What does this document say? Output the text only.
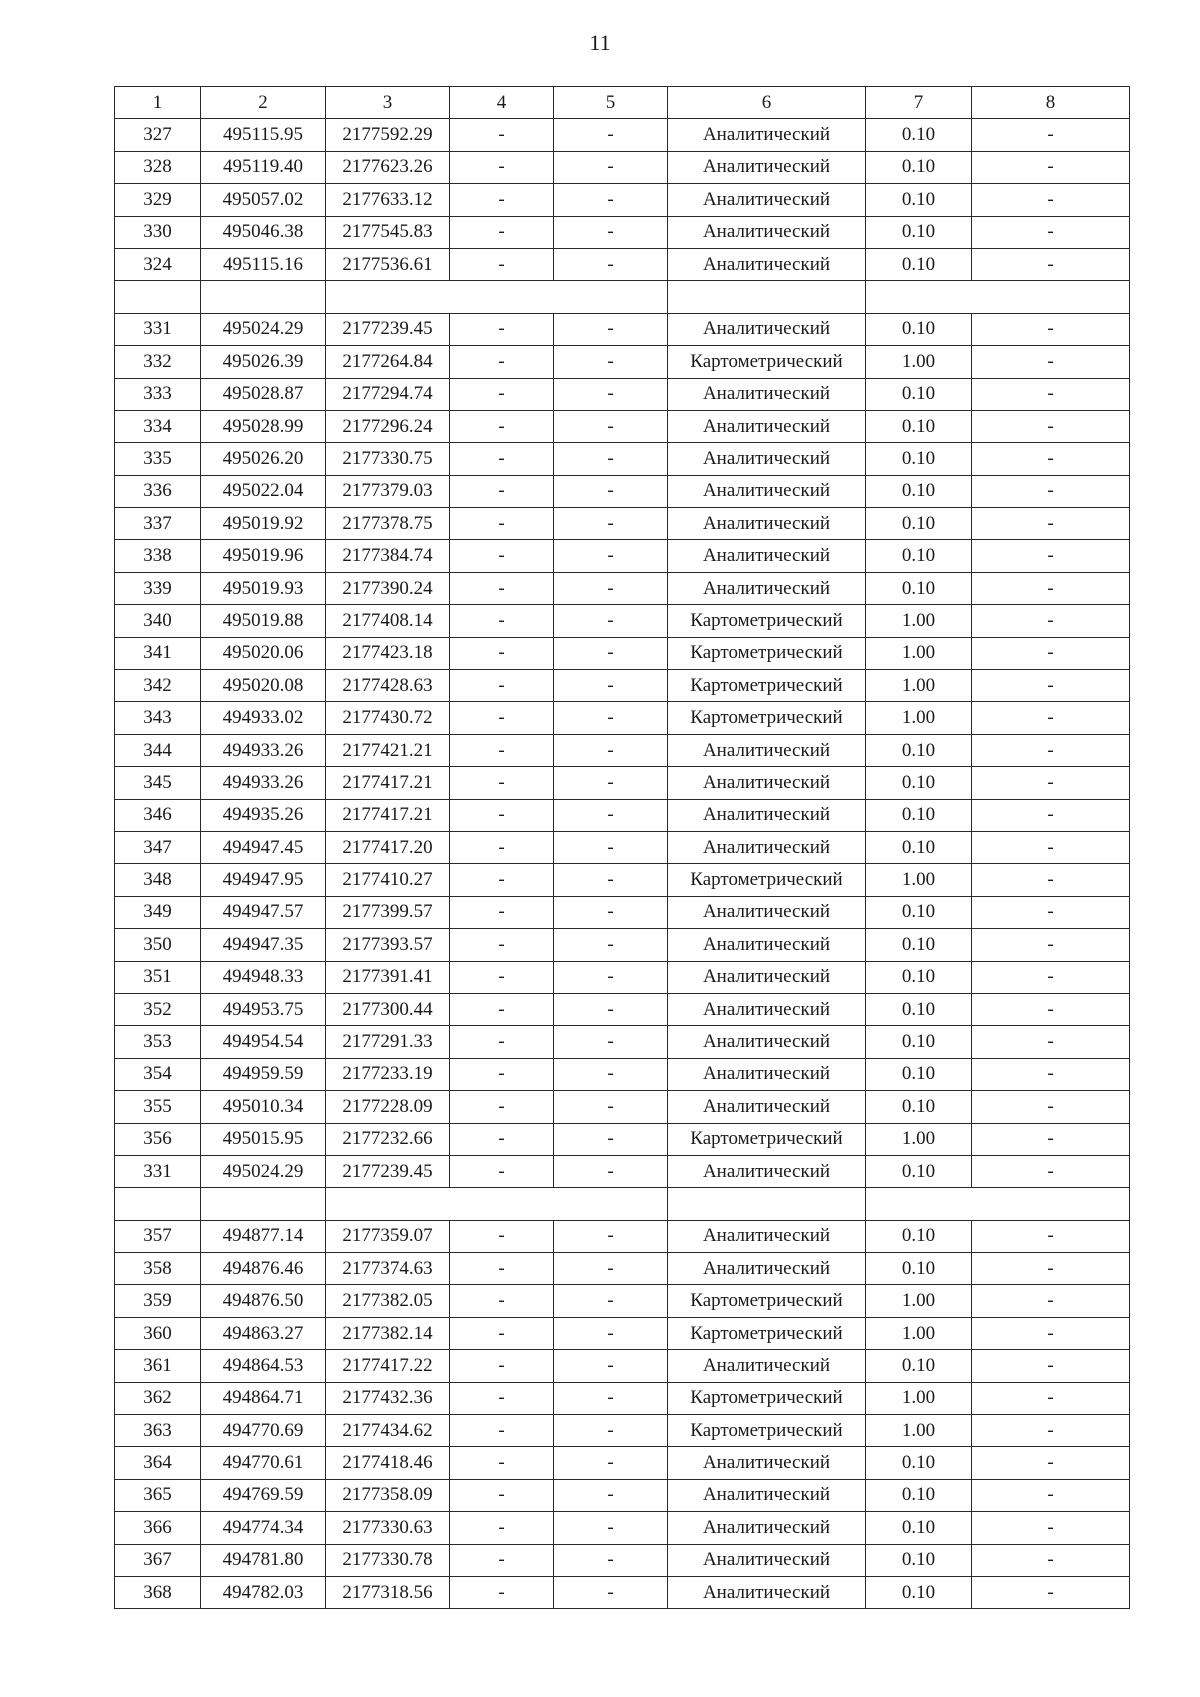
11
1	2	3	4	5	6	7	8
327	495115.95	2177592.29	-	-	Аналитический	0.10	-
328	495119.40	2177623.26	-	-	Аналитический	0.10	-
329	495057.02	2177633.12	-	-	Аналитический	0.10	-
330	495046.38	2177545.83	-	-	Аналитический	0.10	-
324	495115.16	2177536.61	-	-	Аналитический	0.10	-

331	495024.29	2177239.45	-	-	Аналитический	0.10	-
332	495026.39	2177264.84	-	-	Картометрический	1.00	-
333	495028.87	2177294.74	-	-	Аналитический	0.10	-
334	495028.99	2177296.24	-	-	Аналитический	0.10	-
335	495026.20	2177330.75	-	-	Аналитический	0.10	-
336	495022.04	2177379.03	-	-	Аналитический	0.10	-
337	495019.92	2177378.75	-	-	Аналитический	0.10	-
338	495019.96	2177384.74	-	-	Аналитический	0.10	-
339	495019.93	2177390.24	-	-	Аналитический	0.10	-
340	495019.88	2177408.14	-	-	Картометрический	1.00	-
341	495020.06	2177423.18	-	-	Картометрический	1.00	-
342	495020.08	2177428.63	-	-	Картометрический	1.00	-
343	494933.02	2177430.72	-	-	Картометрический	1.00	-
344	494933.26	2177421.21	-	-	Аналитический	0.10	-
345	494933.26	2177417.21	-	-	Аналитический	0.10	-
346	494935.26	2177417.21	-	-	Аналитический	0.10	-
347	494947.45	2177417.20	-	-	Аналитический	0.10	-
348	494947.95	2177410.27	-	-	Картометрический	1.00	-
349	494947.57	2177399.57	-	-	Аналитический	0.10	-
350	494947.35	2177393.57	-	-	Аналитический	0.10	-
351	494948.33	2177391.41	-	-	Аналитический	0.10	-
352	494953.75	2177300.44	-	-	Аналитический	0.10	-
353	494954.54	2177291.33	-	-	Аналитический	0.10	-
354	494959.59	2177233.19	-	-	Аналитический	0.10	-
355	495010.34	2177228.09	-	-	Аналитический	0.10	-
356	495015.95	2177232.66	-	-	Картометрический	1.00	-
331	495024.29	2177239.45	-	-	Аналитический	0.10	-

357	494877.14	2177359.07	-	-	Аналитический	0.10	-
358	494876.46	2177374.63	-	-	Аналитический	0.10	-
359	494876.50	2177382.05	-	-	Картометрический	1.00	-
360	494863.27	2177382.14	-	-	Картометрический	1.00	-
361	494864.53	2177417.22	-	-	Аналитический	0.10	-
362	494864.71	2177432.36	-	-	Картометрический	1.00	-
363	494770.69	2177434.62	-	-	Картометрический	1.00	-
364	494770.61	2177418.46	-	-	Аналитический	0.10	-
365	494769.59	2177358.09	-	-	Аналитический	0.10	-
366	494774.34	2177330.63	-	-	Аналитический	0.10	-
367	494781.80	2177330.78	-	-	Аналитический	0.10	-
368	494782.03	2177318.56	-	-	Аналитический	0.10	-
